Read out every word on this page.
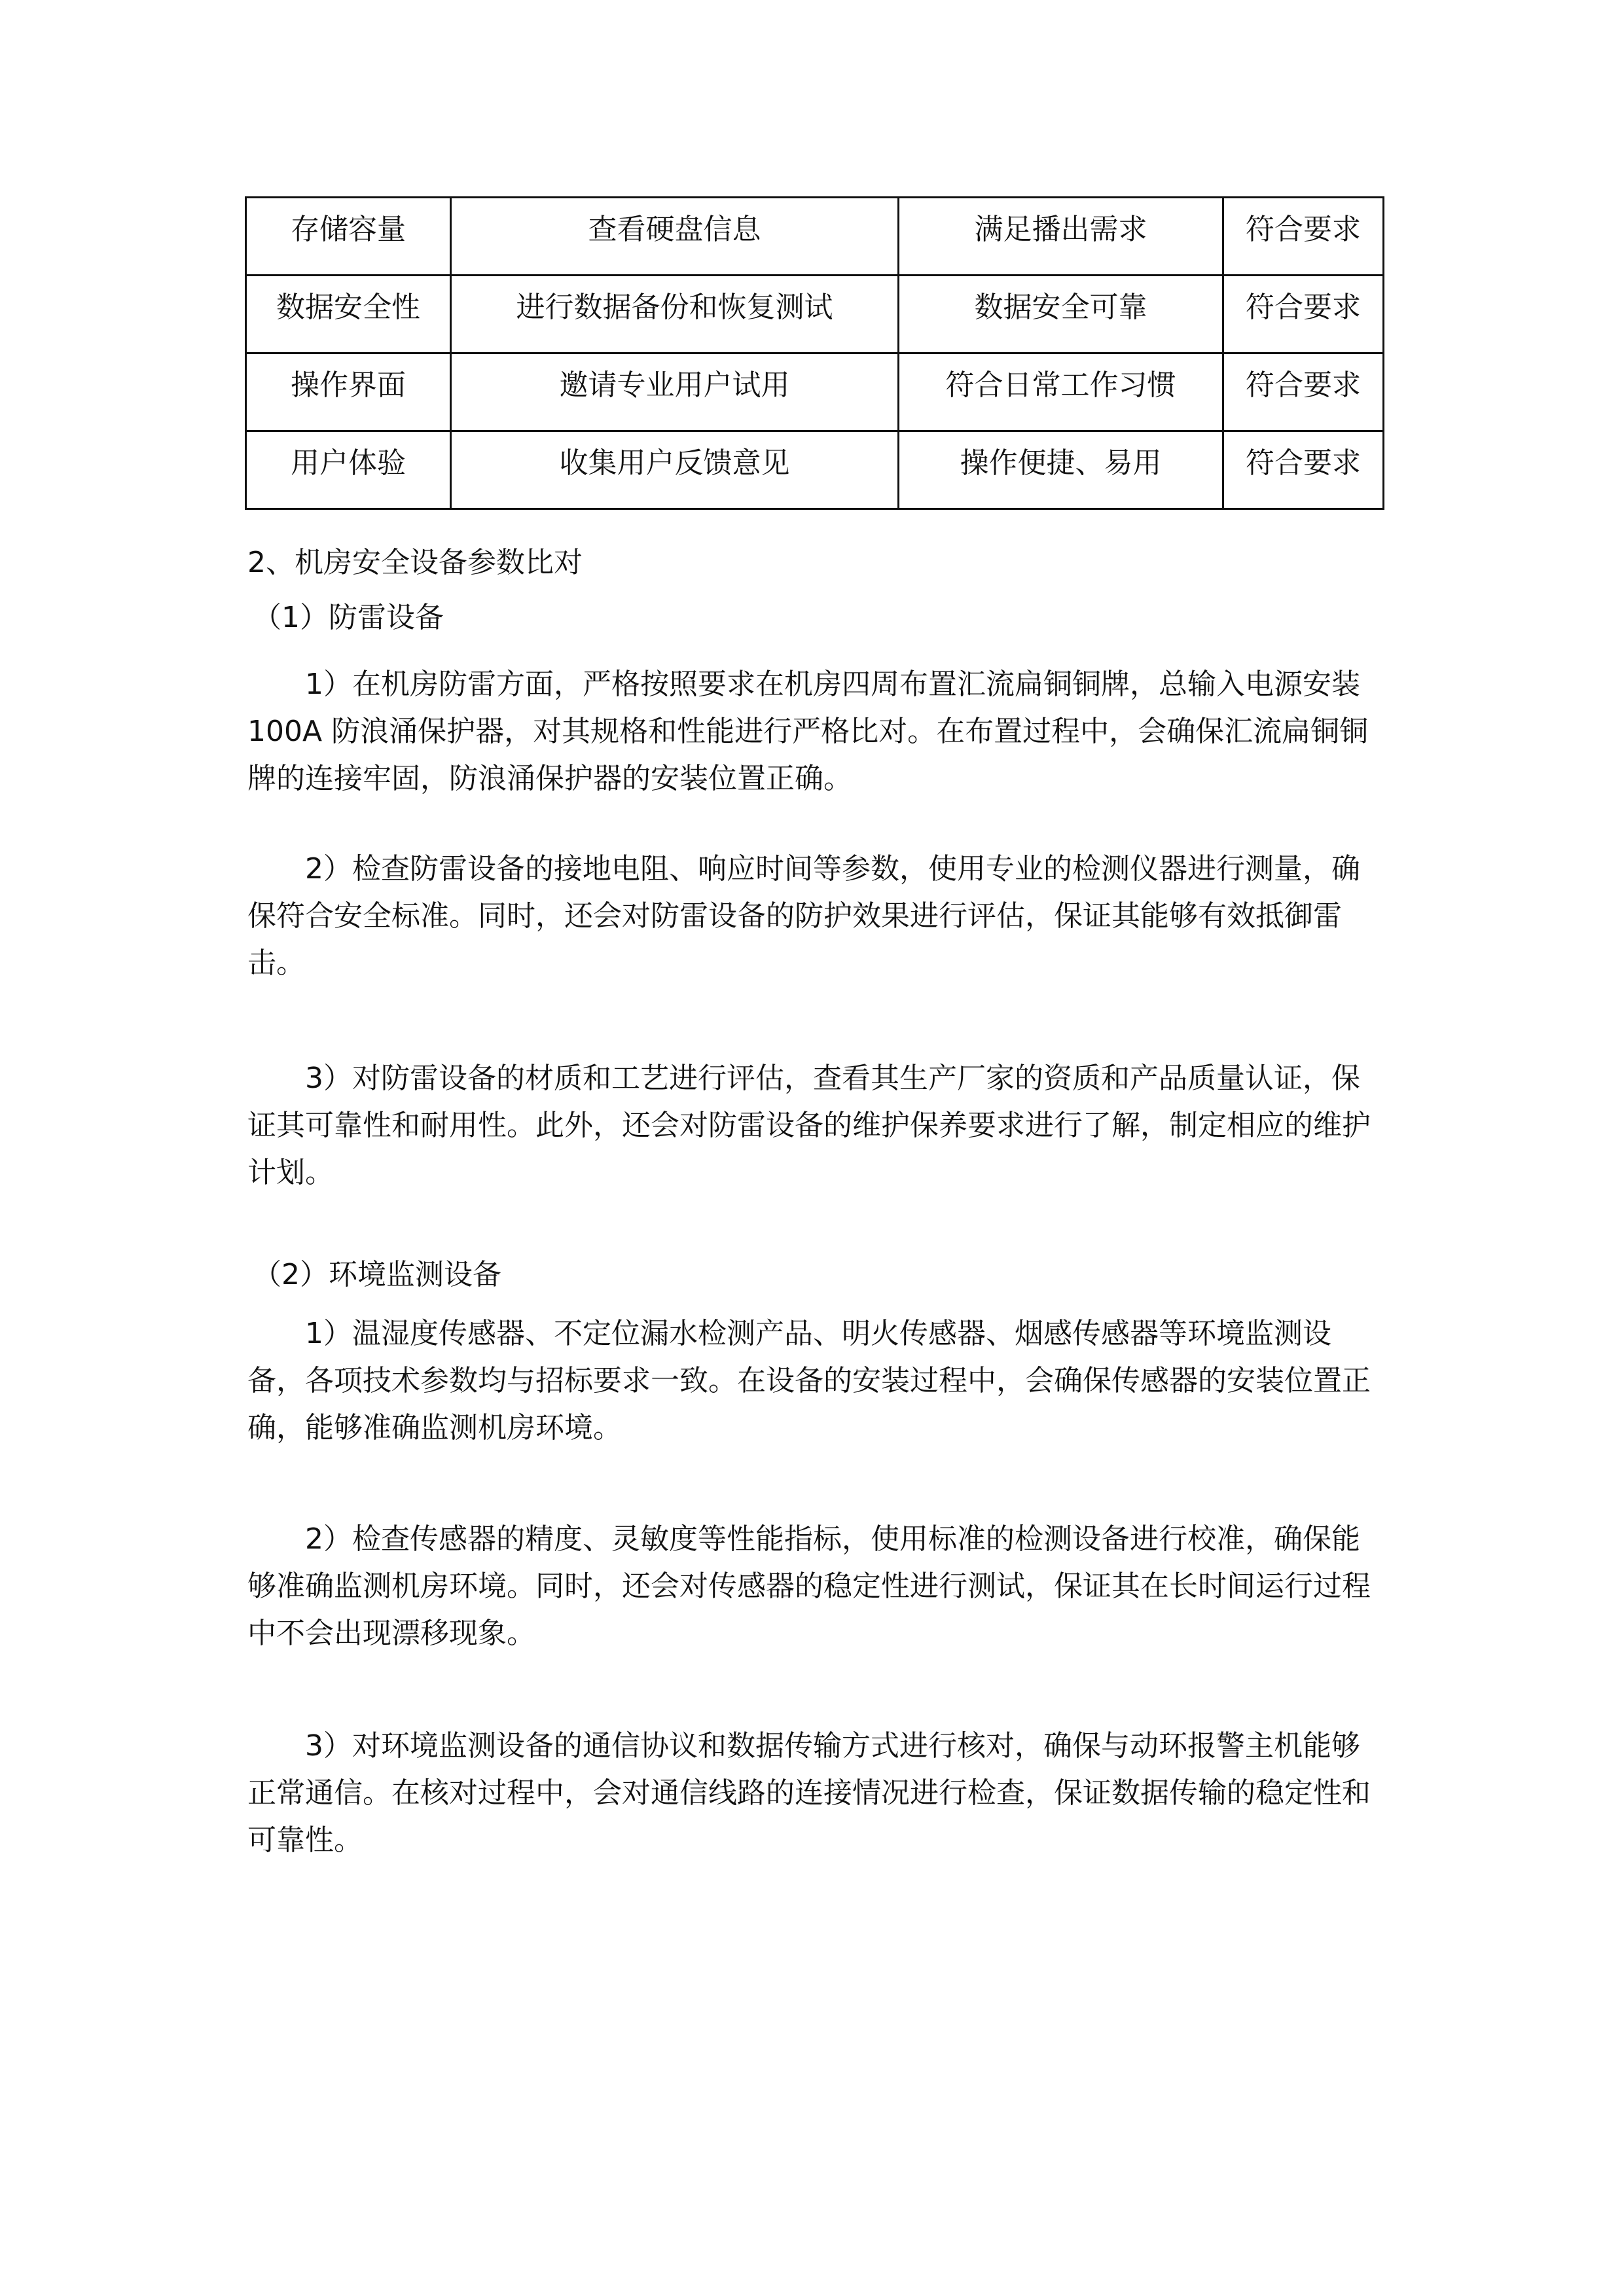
存储容量	查看硬盘信息	满足播出需求	符合要求
数据安全性	进行数据备份和恢复测试	数据安全可靠	符合要求
操作界面	邀请专业用户试用	符合日常工作习惯	符合要求
用户体验	收集用户反馈意见	操作便捷、易用	符合要求

2、机房安全设备参数比对

（1）防雷设备

1）在机房防雷方面，严格按照要求在机房四周布置汇流扁铜铜牌，总输入电源安装 100A 防浪涌保护器，对其规格和性能进行严格比对。在布置过程中，会确保汇流扁铜铜牌的连接牢固，防浪涌保护器的安装位置正确。

2）检查防雷设备的接地电阻、响应时间等参数，使用专业的检测仪器进行测量，确保符合安全标准。同时，还会对防雷设备的防护效果进行评估，保证其能够有效抵御雷击。

3）对防雷设备的材质和工艺进行评估，查看其生产厂家的资质和产品质量认证，保证其可靠性和耐用性。此外，还会对防雷设备的维护保养要求进行了解，制定相应的维护计划。

（2）环境监测设备

1）温湿度传感器、不定位漏水检测产品、明火传感器、烟感传感器等环境监测设备，各项技术参数均与招标要求一致。在设备的安装过程中，会确保传感器的安装位置正确，能够准确监测机房环境。

2）检查传感器的精度、灵敏度等性能指标，使用标准的检测设备进行校准，确保能够准确监测机房环境。同时，还会对传感器的稳定性进行测试，保证其在长时间运行过程中不会出现漂移现象。

3）对环境监测设备的通信协议和数据传输方式进行核对，确保与动环报警主机能够正常通信。在核对过程中，会对通信线路的连接情况进行检查，保证数据传输的稳定性和可靠性。
